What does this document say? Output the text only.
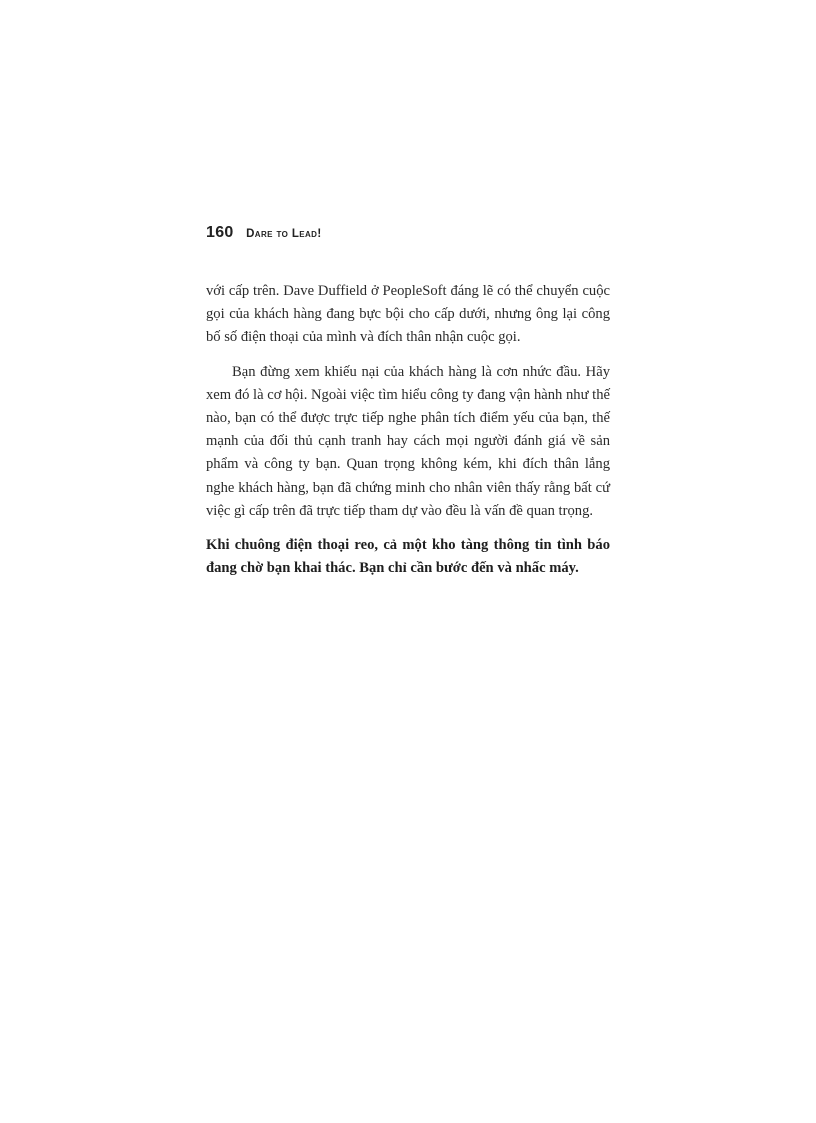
160 Dare to Lead!

với cấp trên. Dave Duffield ở PeopleSoft đáng lẽ có thể chuyển cuộc gọi của khách hàng đang bực bội cho cấp dưới, nhưng ông lại công bố số điện thoại của mình và đích thân nhận cuộc gọi.

Bạn đừng xem khiếu nại của khách hàng là cơn nhức đầu. Hãy xem đó là cơ hội. Ngoài việc tìm hiểu công ty đang vận hành như thế nào, bạn có thể được trực tiếp nghe phân tích điểm yếu của bạn, thế mạnh của đối thủ cạnh tranh hay cách mọi người đánh giá về sản phẩm và công ty bạn. Quan trọng không kém, khi đích thân lắng nghe khách hàng, bạn đã chứng minh cho nhân viên thấy rằng bất cứ việc gì cấp trên đã trực tiếp tham dự vào đều là vấn đề quan trọng.

Khi chuông điện thoại reo, cả một kho tàng thông tin tình báo đang chờ bạn khai thác. Bạn chỉ cần bước đến và nhấc máy.
